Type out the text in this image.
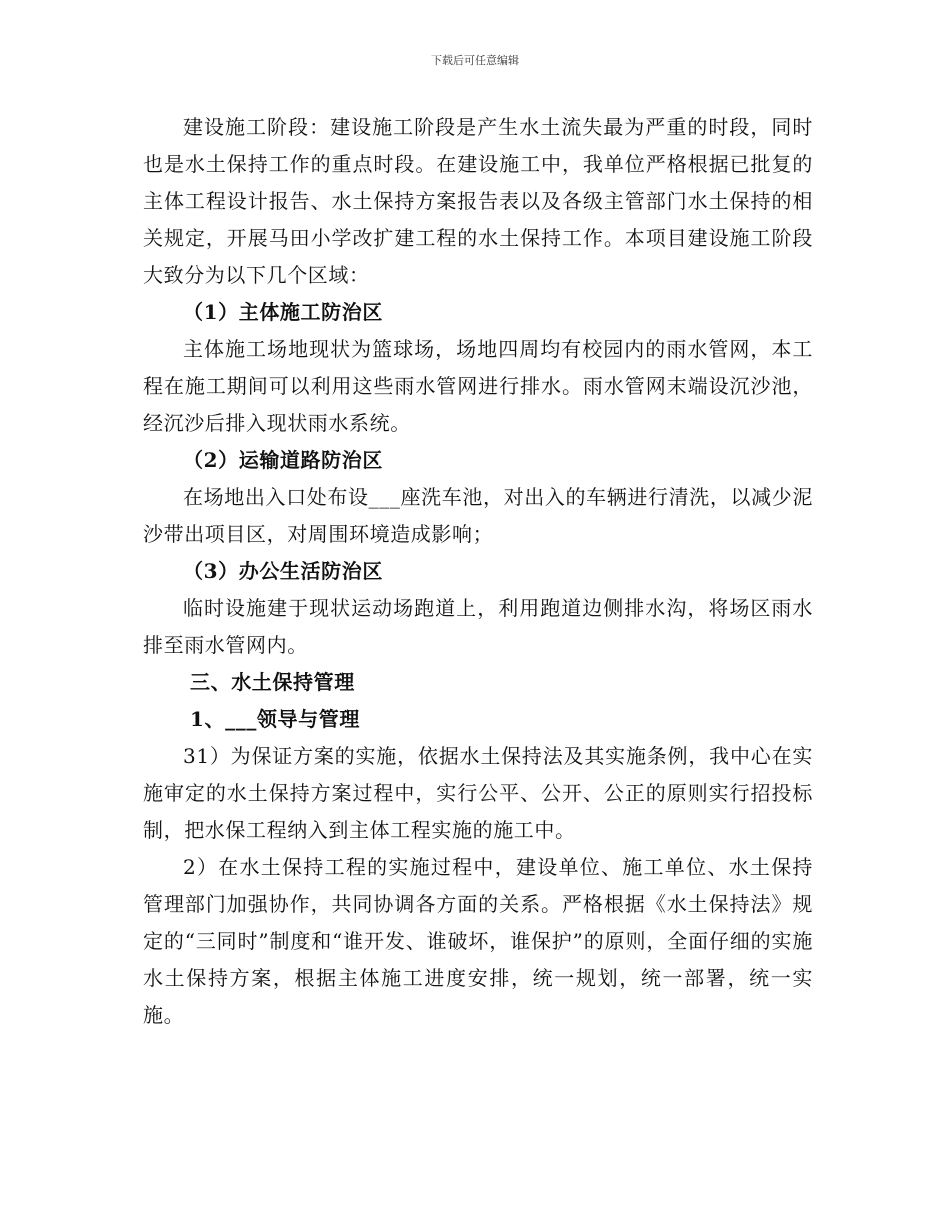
下载后可任意编辑

建设施工阶段：建设施工阶段是产生水土流失最为严重的时段，同时也是水土保持工作的重点时段。在建设施工中，我单位严格根据已批复的主体工程设计报告、水土保持方案报告表以及各级主管部门水土保持的相关规定，开展马田小学改扩建工程的水土保持工作。本项目建设施工阶段大致分为以下几个区域：

（1）主体施工防治区

主体施工场地现状为篮球场，场地四周均有校园内的雨水管网，本工程在施工期间可以利用这些雨水管网进行排水。雨水管网末端设沉沙池，经沉沙后排入现状雨水系统。

（2）运输道路防治区

在场地出入口处布设___座洗车池，对出入的车辆进行清洗，以减少泥沙带出项目区，对周围环境造成影响；

（3）办公生活防治区

临时设施建于现状运动场跑道上，利用跑道边侧排水沟，将场区雨水排至雨水管网内。

三、水土保持管理

1、___领导与管理

31）为保证方案的实施，依据水土保持法及其实施条例，我中心在实施审定的水土保持方案过程中，实行公平、公开、公正的原则实行招投标制，把水保工程纳入到主体工程实施的施工中。

2）在水土保持工程的实施过程中，建设单位、施工单位、水土保持管理部门加强协作，共同协调各方面的关系。严格根据《水土保持法》规定的“三同时”制度和“谁开发、谁破坏，谁保护”的原则，全面仔细的实施水土保持方案，根据主体施工进度安排，统一规划，统一部署，统一实施。
